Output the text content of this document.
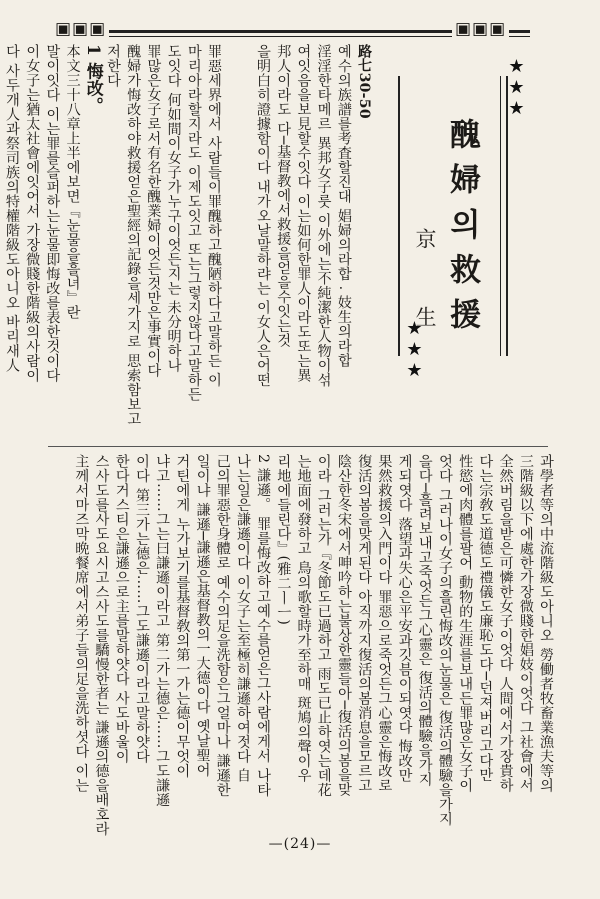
▣▣▣	▣▣▣
★★★
★★★
醜婦의救援
京　生

路七30-50

예수의族譜를考査할진대 娼婦의라합 . 妓生의라합

淫淫한타메르 異邦女子룻 이外에는不純潔한人物이섞

여잇음을보見할수잇다 이는如何한罪人이라도또는異

邦人이라도 다─基督教에서救援을얻을수잇는것

을明白히證據함이다 내가오날말하랴는 이女人은어떤

罪惡세界에서 사람들이罪醜하고醜陋하다고말하든 이

마리아라할지라도 이제도잇고 또는그렇지않다고말하든

도잇다 何如間이女子가누구이엇든지는 未分明하나

罪많은女子로서有名한醜業婦이엇든것만은事實이다

醜婦가悔改하야救援얻은聖經의記錄을세가지로 思索함보고

저한다

1 悔改。

本文三十八章上半에보면『눈물을흘녀』란

말이잇다 이는罪를슬퍼하는눈물即悔改를表한것이다

이女子는猶太社會에잇어서 가장微賤한階級의사람이

다 사두개人과祭司族의特權階級도아니오 바리새人

과學者等의中流階級도아니오 勞働者牧畜業漁夫等의

三階級以下에處한가장微賤한娼妓이엇다 그社會에서

全然버림을받은可憐한女子이엇다 人間에서가장貴하

다는宗敎도道德도禮儀도廉恥도다─던져버리고다만

性慾에肉體를팔어 動物的生涯를보내든罪많은女子이

엇다 그러나이女子의흘린悔改의눈물은 復活의體驗을가지

을다─흘려보내고죽엇든그心靈은 復活의體驗을가지

게되엿다 落望과失心은平安과깃븜이되엿다 悔改만

果然救援의入門이다 罪惡으로죽엇든그心靈은悔改로

復活의봄을맞게된다 아직까지復活의봄消息을모르고

陰산한冬宋에서呻吟하는불상한靈들아─復活의봄을맞

이라 그러는가『冬節도已過하고 雨도已止하엿는데花

는地面에發하고 鳥의歌할時가至하매 斑鳩의聲이우

리地에들린다』(雅二ㅣㅡ)

2 謙遜。 罪를悔改하고예수를얻은그사람에게서 나타

나는일은謙遜이다 이女子는至極히謙遜하여젓다 自

己의罪惡한身體로 예수의足을洗함은그얼마나 謙遜한

일이냐 謙遜─謙遜은基督教의一大德이다 옛날聖어

거틴에게 누가보기를基督敎의第一가는德이무엇이

냐고……그는曰謙遜이라고 第二가는德은……그도謙遜

이다 第三가는德은……그도謙遜이라고말하얏다

한다거스티은謙遜으로主를말하얏다 사도바울이

스사도를사도요시고스사도를驕慢한者는 謙遜의德을배호라

主께서마즈막晩餐席에서弟子들의足을洗하셧다 이는

—(24)—
